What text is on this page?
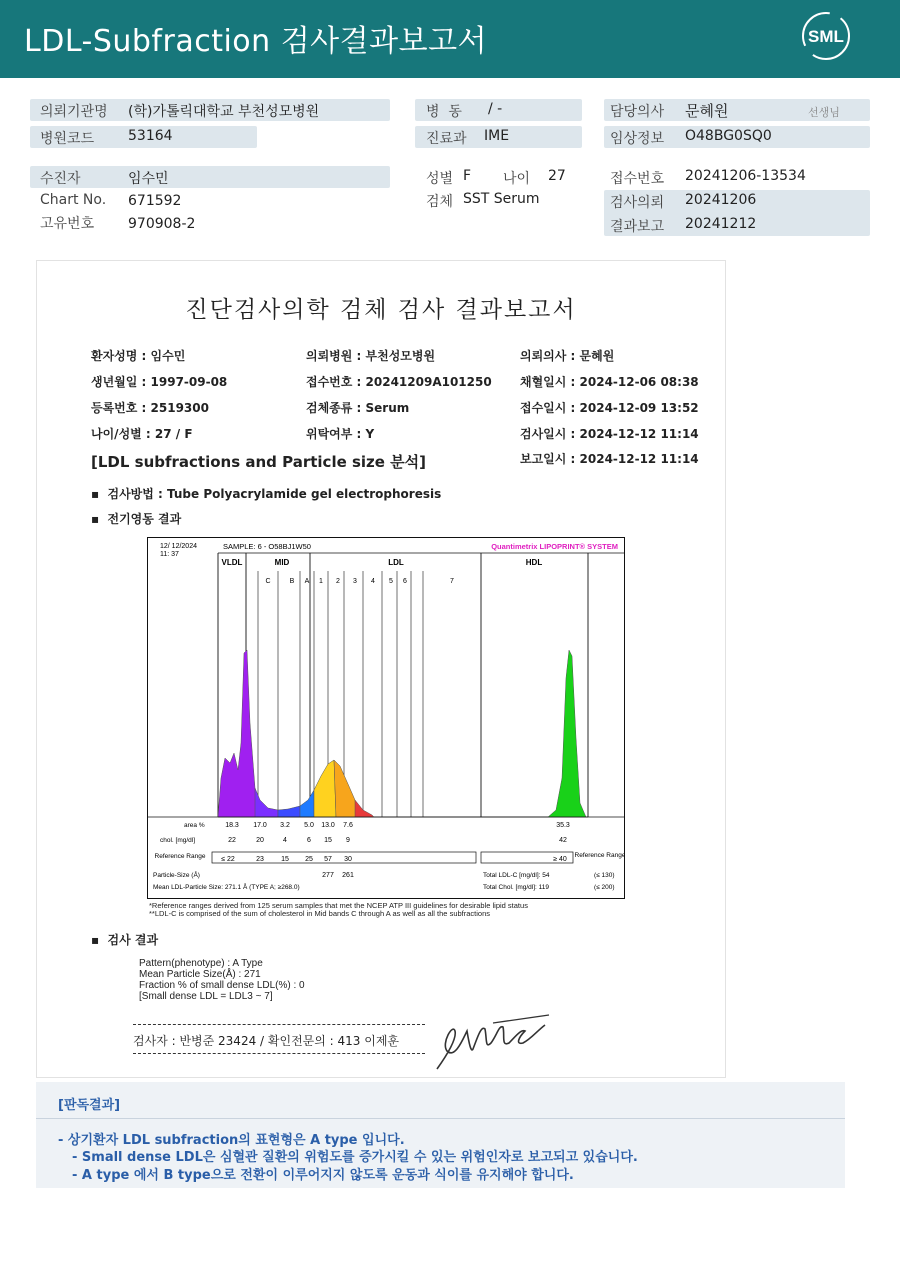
LDL-Subfraction 검사결과보고서	SML
의뢰기관명 (학)가톨릭대학교 부천성모병원
병원코드 53164
병  동 / -
진료과 IME
담당의사 문혜원	선생님
임상정보 O48BG0SQ0
수진자	임수민
Chart No. 671592
고유번호 970908-2
성별 F 나이 27
검체 SST Serum
접수번호 20241206-13534
검사의뢰 20241206
결과보고 20241212
진단검사의학 검체 검사 결과보고서
환자성명 : 임수민	의뢰병원 : 부천성모병원	의뢰의사 : 문혜원
생년월일 : 1997-09-08	접수번호 : 20241209A101250 채혈일시 : 2024-12-06 08:38
등록번호 : 2519300	검체종류 : Serum	접수일시 : 2024-12-09 13:52
나이/성별 : 27 / F	위탁여부 : Y	검사일시 : 2024-12-12 11:14
[LDL subfractions and Particle size 분석]	보고일시 : 2024-12-12 11:14
▪  검사방법 : Tube Polyacrylamide gel electrophoresis
▪  전기영동 결과
12/ 12/2024
11: 37
SAMPLE: 6 - O58BJ1W50	Quantimetrix LIPOPRINT® SYSTEM
VLDL	MID	LDL	HDL
C	B A 1 2 3 4 5 6	7
area %
chol. [mg/dl]
Reference Range
18.3 17.0 3.2 5.0 13.0 7.6	35.3
22	20	4	6 15 9	42
≤ 22	23 15 25 57 30	≥ 40
Reference Range
Particle-Size (Å)	277 261
Mean LDL-Particle Size: 271.1 Å (TYPE A; ≥268.0)
Total LDL-C [mg/dl]: 54	(≤ 130)
Total Chol. [mg/dl]: 119	(≤ 200)
*Reference ranges derived from 125 serum samples that met the NCEP ATP III guidelines for desirable lipid status
**LDL-C is comprised of the sum of cholesterol in Mid bands C through A as well as all the subfractions
▪  검사 결과
Pattern(phenotype) : A Type
Mean Particle Size(Å) : 271
Fraction % of small dense LDL(%) : 0
[Small dense LDL = LDL3 ~ 7]
검사자 : 반병준 23424 / 확인전문의 : 413 이제훈
[판독결과]
- 상기환자 LDL subfraction의 표현형은 A type 입니다.
- Small dense LDL은 심혈관 질환의 위험도를 증가시킬 수 있는 위험인자로 보고되고 있습니다.
- A type 에서 B type으로 전환이 이루어지지 않도록 운동과 식이를 유지해야 합니다.
